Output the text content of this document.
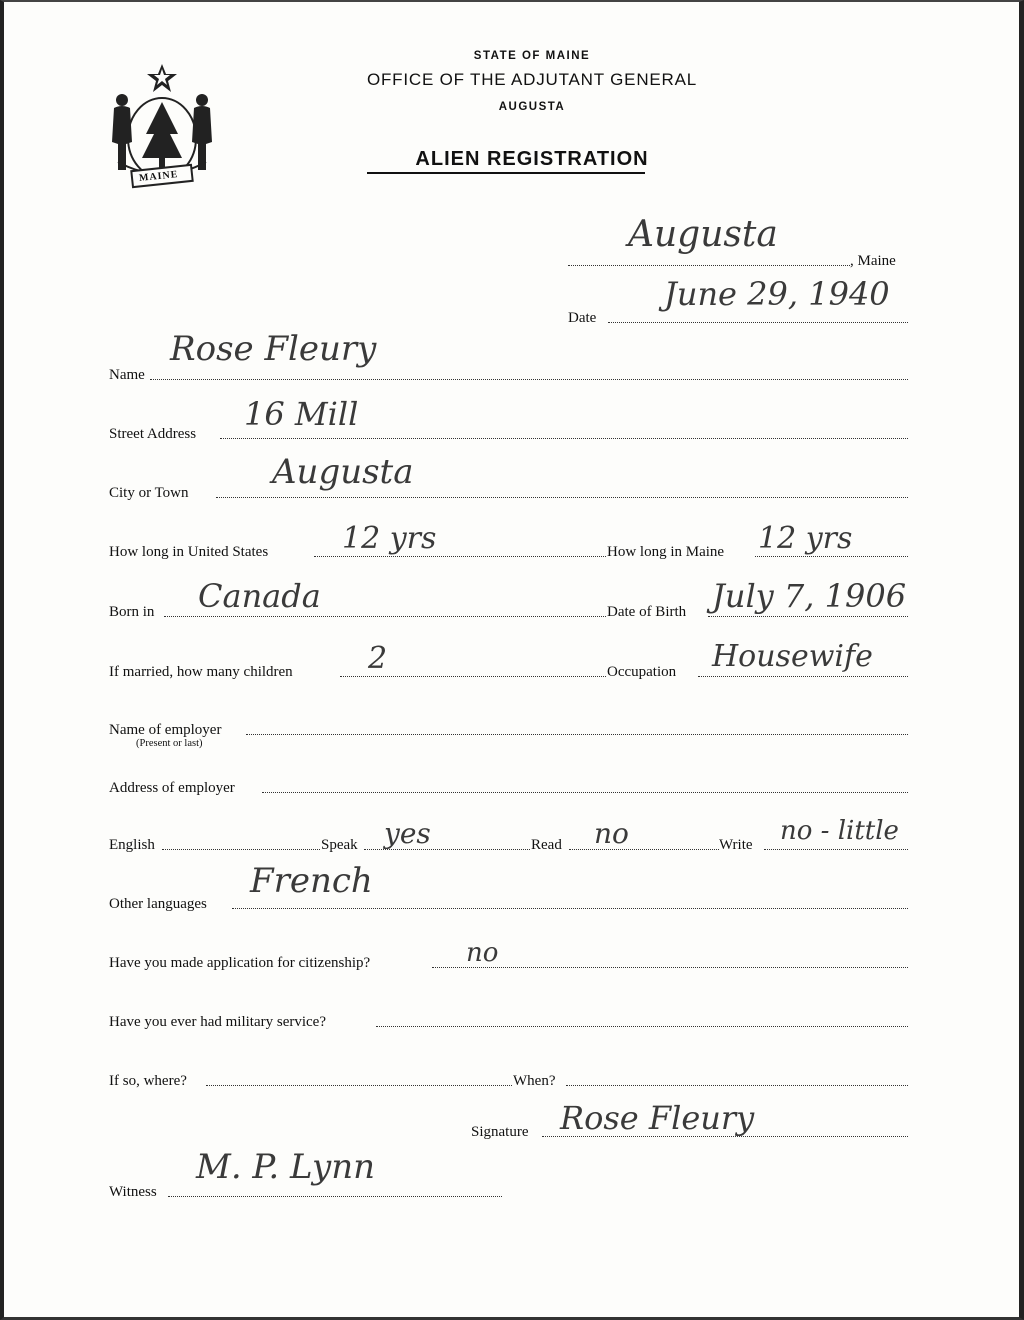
MAINE
STATE OF MAINE
OFFICE OF THE ADJUTANT GENERAL
AUGUSTA
ALIEN REGISTRATION
Augusta
, Maine
Date
June 29, 1940
Name
Rose Fleury
Street Address
16 Mill
City or Town
Augusta
How long in United States 12 yrs	How long in Maine 12 yrs
Born in Canada	Date of Birth July 7, 1906
If married, how many children	2	Occupation Housewife
Name of employer
(Present or last)
Address of employer
English	Speak yes	Read no	Write no - little
Other languages
French
Have you made application for citizenship?	no
Have you ever had military service?
If so, where?	When?
Signature Rose Fleury
Witness
M. P. Lynn
